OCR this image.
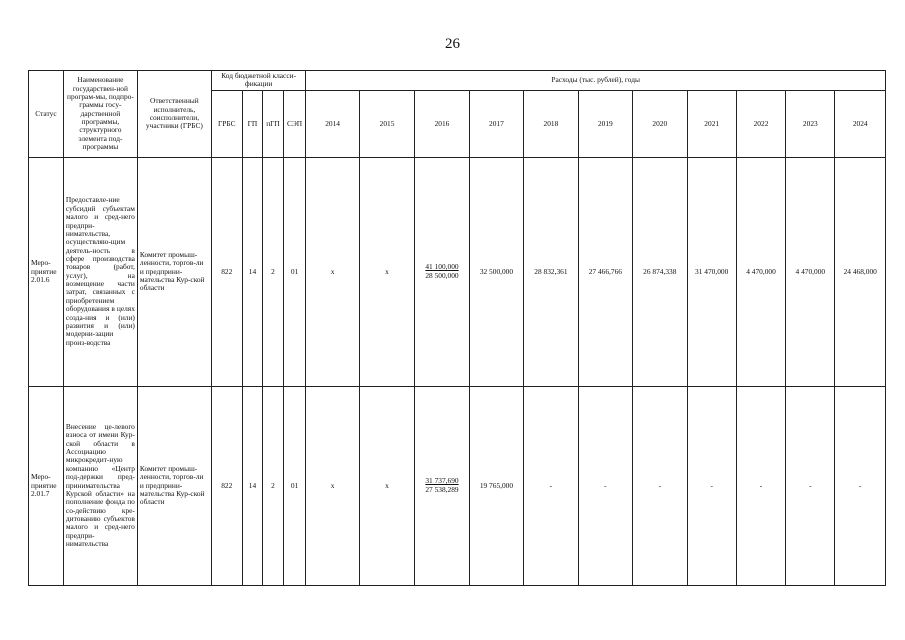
26
Статус	Наименование государствен-ной програм-мы, подпро-граммы госу-дарственной программы, структурного элемента под-программы	Ответственный исполнитель, соисполнители, участники (ГРБС)	Код бюджетной класси-фикации				Расходы (тыс. рублей), годы										
			ГРБС	ГП	пГП	СЭП	2014	2015	2016	2017	2018	2019	2020	2021	2022	2023	2024
Меро-приятие 2.01.6	Предоставле-ние субсидий субъектам малого и сред-него предпри-нимательства, осуществляю-щим деятель-ность в сфере производства товаров (работ, услуг), на возмещение части затрат, связанных с приобретением оборудования в целях созда-ния и (или) развития и (или) модерни-зации произ-водства	Комитет промыш-ленности, торгов-ли и предприни-мательства Кур-ской области	822	14	2	01	х	х	$\frac{41 100,000}{28 500,000}$	32 500,000	28 832,361	27 466,766	26 874,338	31 470,000	4 470,000	4 470,000	24 468,000
Меро-приятие 2.01.7	Внесение це-левого взноса от имени Кур-ской области в Ассоциацию микрокредит-ную компанию «Центр под-держки пред-принимательства Курской области» на пополнение фонда по со-действию кре-дитованию субъектов малого и сред-него предпри-нимательства	Комитет промыш-ленности, торгов-ли и предприни-мательства Кур-ской области	822	14	2	01	х	х	$\frac{31 737,690}{27 538,289}$	19 765,000	-	-	-	-	-	-	-
